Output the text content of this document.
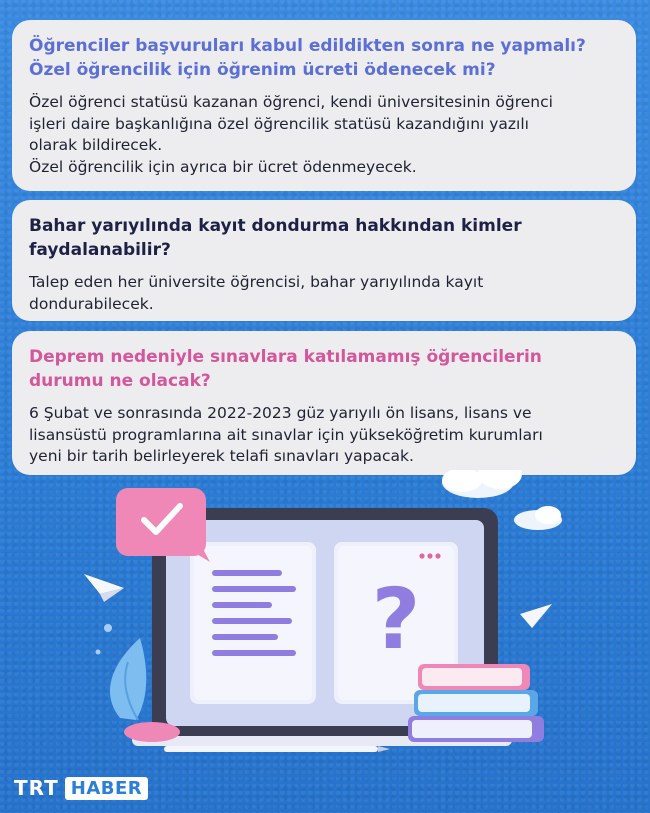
Öğrenciler başvuruları kabul edildikten sonra ne yapmalı? Özel öğrencilik için öğrenim ücreti ödenecek mi?

Özel öğrenci statüsü kazanan öğrenci, kendi üniversitesinin öğrenci
işleri daire başkanlığına özel öğrencilik statüsü kazandığını yazılı
olarak bildirecek.
Özel öğrencilik için ayrıca bir ücret ödenmeyecek.

Bahar yarıyılında kayıt dondurma hakkından kimler faydalanabilir?

Talep eden her üniversite öğrencisi, bahar yarıyılında kayıt
dondurabilecek.

Deprem nedeniyle sınavlara katılamamış öğrencilerin durumu ne olacak?

6 Şubat ve sonrasında 2022-2023 güz yarıyılı ön lisans, lisans ve
lisansüstü programlarına ait sınavlar için yükseköğretim kurumları
yeni bir tarih belirleyerek telafi sınavları yapacak.

?
TRT HABER
